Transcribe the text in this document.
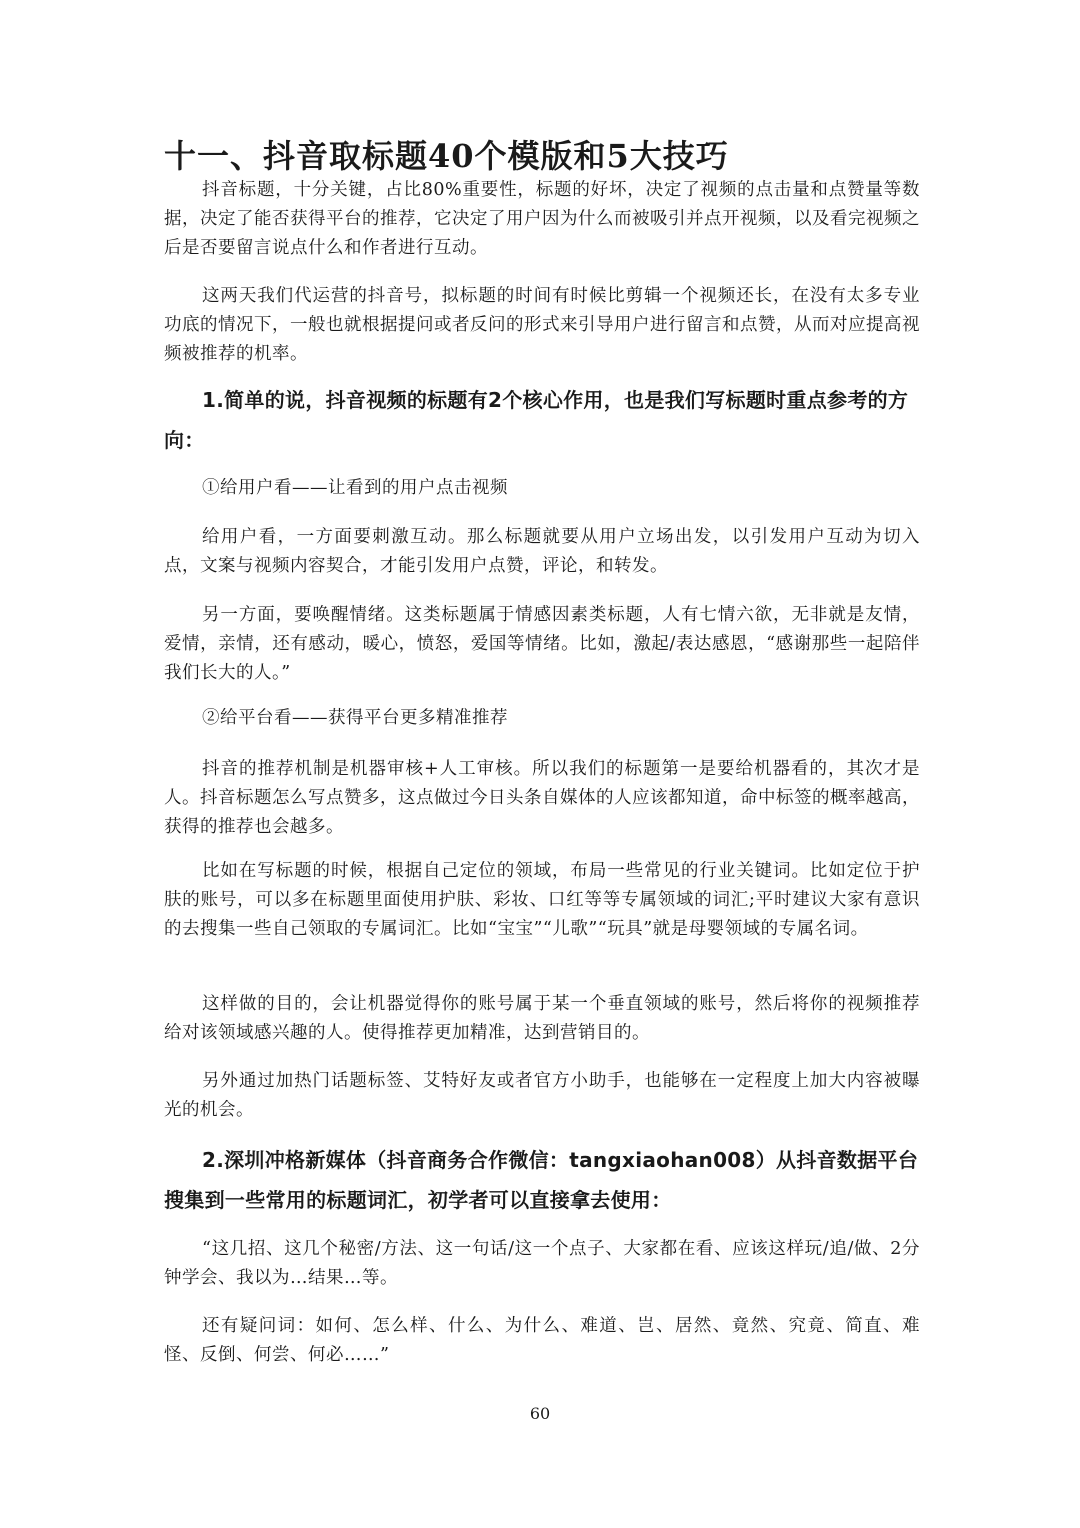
十一、抖音取标题40个模版和5大技巧

抖音标题，十分关键，占比80%重要性，标题的好坏，决定了视频的点击量和点赞量等数据，决定了能否获得平台的推荐，它决定了用户因为什么而被吸引并点开视频，以及看完视频之后是否要留言说点什么和作者进行互动。

这两天我们代运营的抖音号，拟标题的时间有时候比剪辑一个视频还长，在没有太多专业功底的情况下，一般也就根据提问或者反问的形式来引导用户进行留言和点赞，从而对应提高视频被推荐的机率。

1.简单的说，抖音视频的标题有2个核心作用，也是我们写标题时重点参考的方向：

①给用户看——让看到的用户点击视频

给用户看，一方面要刺激互动。那么标题就要从用户立场出发，以引发用户互动为切入点，文案与视频内容契合，才能引发用户点赞，评论，和转发。

另一方面，要唤醒情绪。这类标题属于情感因素类标题，人有七情六欲，无非就是友情，爱情，亲情，还有感动，暖心，愤怒，爱国等情绪。比如，激起/表达感恩，“感谢那些一起陪伴我们长大的人。”

②给平台看——获得平台更多精准推荐

抖音的推荐机制是机器审核+人工审核。所以我们的标题第一是要给机器看的，其次才是人。抖音标题怎么写点赞多，这点做过今日头条自媒体的人应该都知道，命中标签的概率越高，获得的推荐也会越多。

比如在写标题的时候，根据自己定位的领域，布局一些常见的行业关键词。比如定位于护肤的账号，可以多在标题里面使用护肤、彩妆、口红等等专属领域的词汇;平时建议大家有意识的去搜集一些自己领取的专属词汇。比如“宝宝”“儿歌”“玩具”就是母婴领域的专属名词。

这样做的目的，会让机器觉得你的账号属于某一个垂直领域的账号，然后将你的视频推荐给对该领域感兴趣的人。使得推荐更加精准，达到营销目的。

另外通过加热门话题标签、艾特好友或者官方小助手，也能够在一定程度上加大内容被曝光的机会。

2.深圳冲格新媒体（抖音商务合作微信：tangxiaohan008）从抖音数据平台搜集到一些常用的标题词汇，初学者可以直接拿去使用：

“这几招、这几个秘密/方法、这一句话/这一个点子、大家都在看、应该这样玩/追/做、2分钟学会、我以为…结果…等。

还有疑问词：如何、怎么样、什么、为什么、难道、岂、居然、竟然、究竟、简直、难怪、反倒、何尝、何必……”

60
